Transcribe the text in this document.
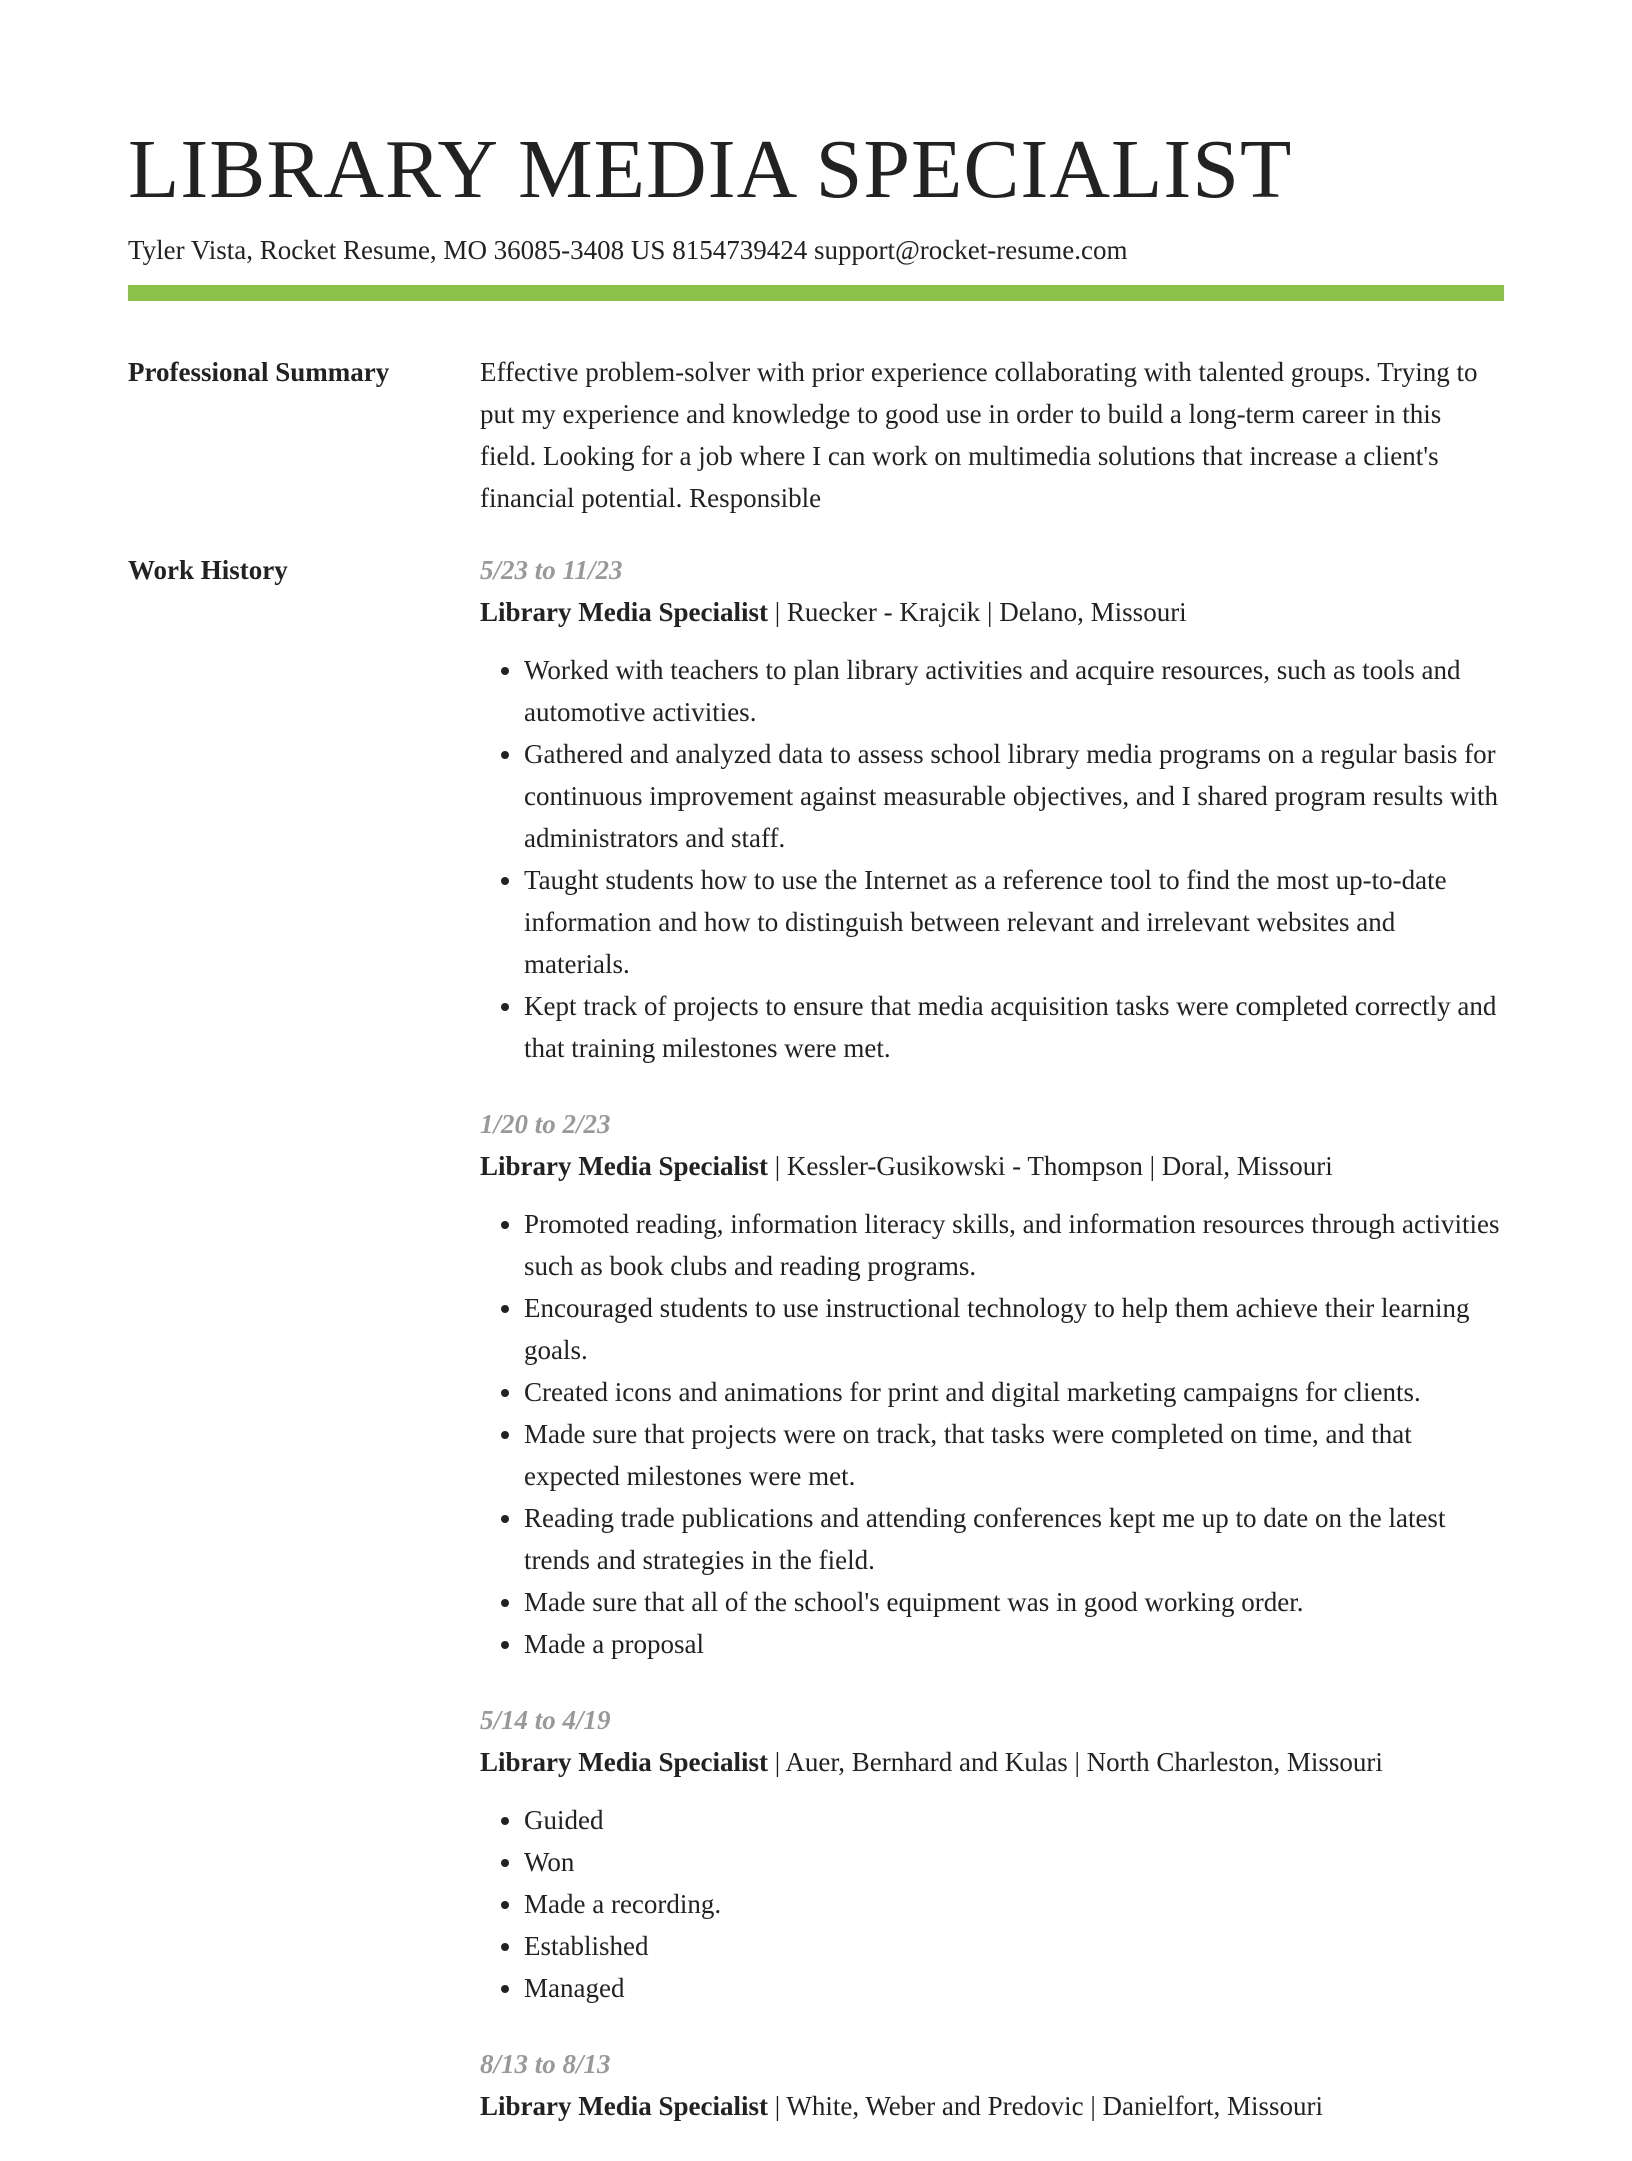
LIBRARY MEDIA SPECIALIST
Tyler Vista, Rocket Resume, MO 36085-3408 US 8154739424 support@rocket-resume.com
Professional Summary	Effective problem-solver with prior experience collaborating with talented groups. Trying to put my experience and knowledge to good use in order to build a long-term career in this field. Looking for a job where I can work on multimedia solutions that increase a client's financial potential. Responsible
Work History	5/23 to 11/23
Library Media Specialist | Ruecker - Krajcik | Delano, Missouri
• Worked with teachers to plan library activities and acquire resources, such as tools and automotive activities.
• Gathered and analyzed data to assess school library media programs on a regular basis for continuous improvement against measurable objectives, and I shared program results with administrators and staff.
• Taught students how to use the Internet as a reference tool to find the most up-to-date information and how to distinguish between relevant and irrelevant websites and materials.
• Kept track of projects to ensure that media acquisition tasks were completed correctly and that training milestones were met.
1/20 to 2/23
Library Media Specialist | Kessler-Gusikowski - Thompson | Doral, Missouri
• Promoted reading, information literacy skills, and information resources through activities such as book clubs and reading programs.
• Encouraged students to use instructional technology to help them achieve their learning goals.
• Created icons and animations for print and digital marketing campaigns for clients.
• Made sure that projects were on track, that tasks were completed on time, and that expected milestones were met.
• Reading trade publications and attending conferences kept me up to date on the latest trends and strategies in the field.
• Made sure that all of the school's equipment was in good working order.
• Made a proposal
5/14 to 4/19
Library Media Specialist | Auer, Bernhard and Kulas | North Charleston, Missouri
• Guided
• Won
• Made a recording.
• Established
• Managed
8/13 to 8/13
Library Media Specialist | White, Weber and Predovic | Danielfort, Missouri
